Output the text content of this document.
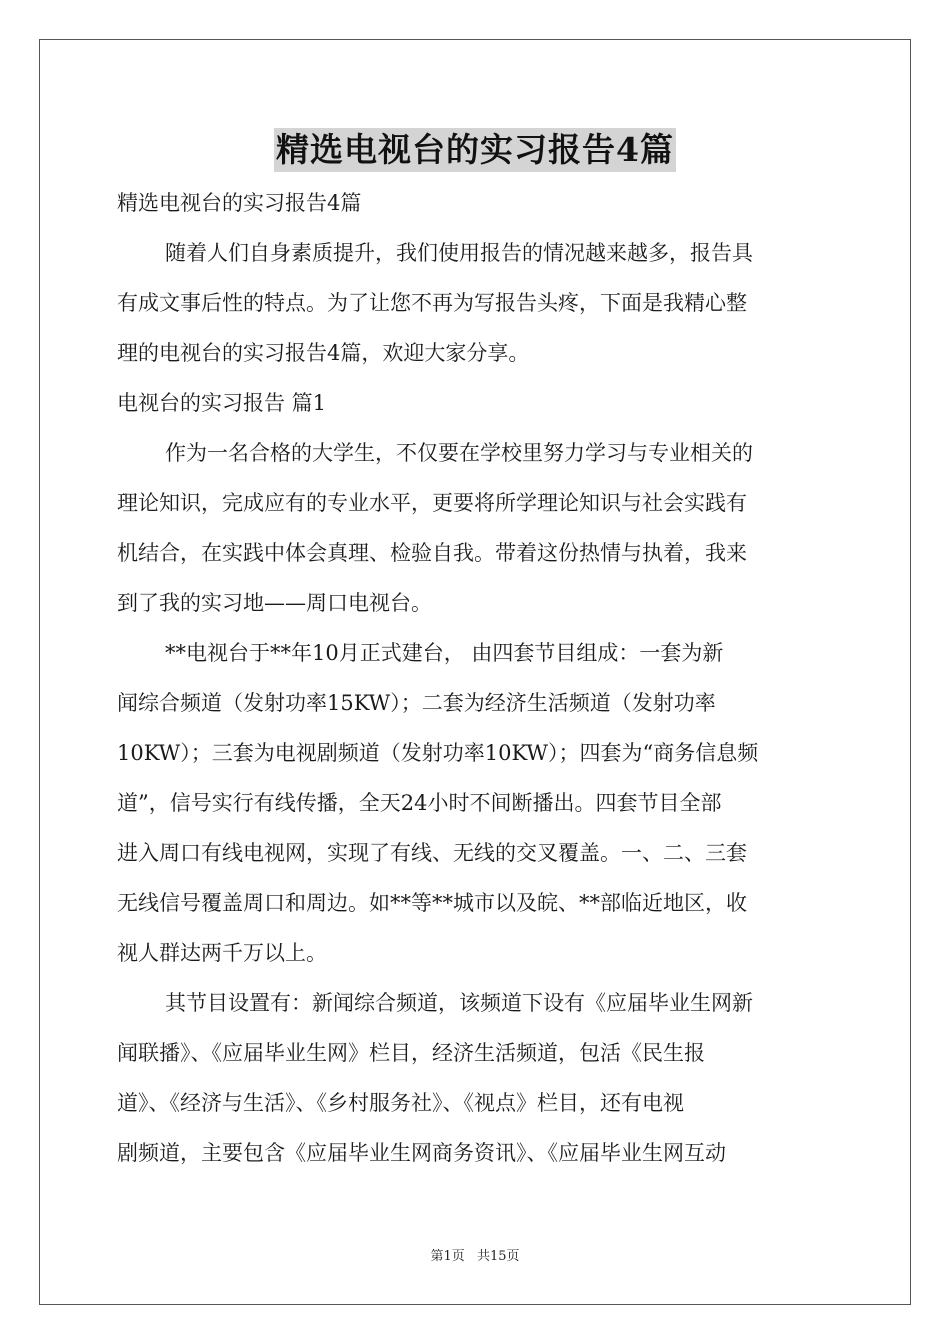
精选电视台的实习报告4篇
精选电视台的实习报告4篇
随着人们自身素质提升，我们使用报告的情况越来越多，报告具
有成文事后性的特点。为了让您不再为写报告头疼，下面是我精心整
理的电视台的实习报告4篇，欢迎大家分享。
电视台的实习报告 篇1
作为一名合格的大学生，不仅要在学校里努力学习与专业相关的
理论知识，完成应有的专业水平，更要将所学理论知识与社会实践有
机结合，在实践中体会真理、检验自我。带着这份热情与执着，我来
到了我的实习地——周口电视台。
**电视台于**年10月正式建台， 由四套节目组成：一套为新
闻综合频道（发射功率15KW）；二套为经济生活频道（发射功率
10KW）；三套为电视剧频道（发射功率10KW）；四套为“商务信息频
道”，信号实行有线传播，全天24小时不间断播出。四套节目全部
进入周口有线电视网，实现了有线、无线的交叉覆盖。一、二、三套
无线信号覆盖周口和周边。如**等**城市以及皖、**部临近地区，收
视人群达两千万以上。
其节目设置有：新闻综合频道，该频道下设有《应届毕业生网新
闻联播》、《应届毕业生网》栏目，经济生活频道，包活《民生报
道》、《经济与生活》、《乡村服务社》、《视点》栏目，还有电视
剧频道，主要包含《应届毕业生网商务资讯》、《应届毕业生网互动
第1页 共15页
